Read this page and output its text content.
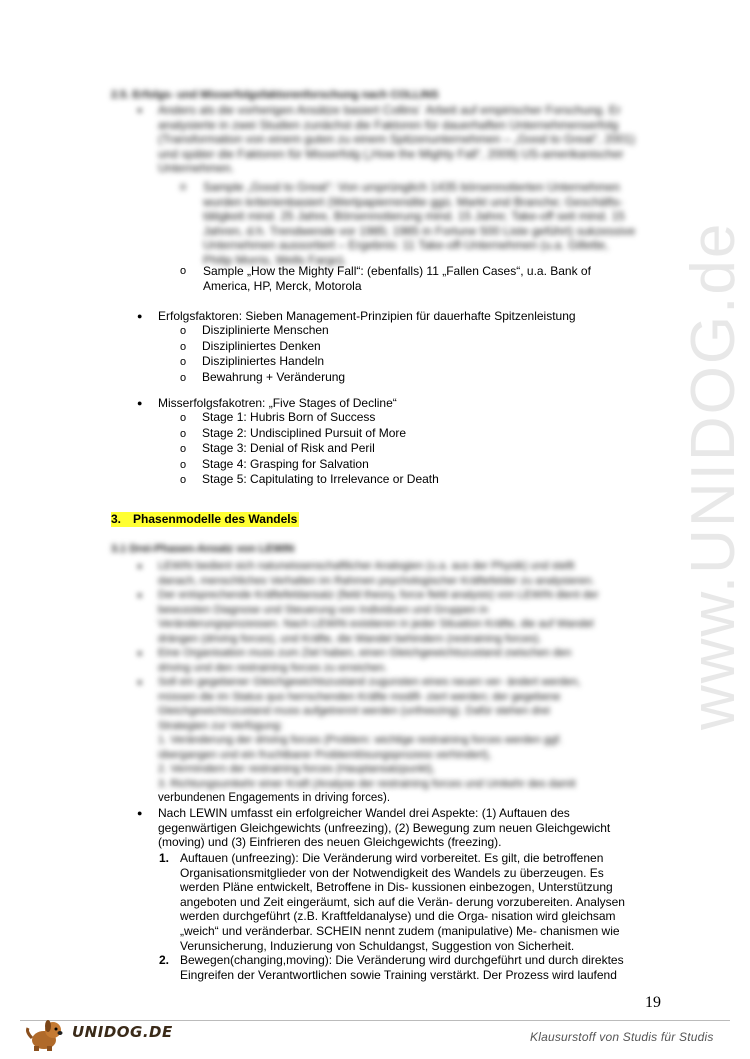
www.UNIDOG.de
2.5. Erfolgs- und Misserfolgsfaktorenforschung nach COLLINS
● Anders als die vorherigen Ansätze basiert Collins´ Arbeit auf empirischer Forschung. Er
analysierte in zwei Studien zunächst die Faktoren für dauerhaften Unternehmenserfolg
(Transformation von einem guten zu einem Spitzenunternehmen – „Good to Great“, 2001)
und später die Faktoren für Misserfolg („How the Mighty Fall“, 2009) US-amerikanischer
Unternehmen.
o Sample „Good to Great“: Von ursprünglich 1435 börsennotierten Unternehmen
wurden kriterienbasiert (Wertpapierrendite ggü. Markt und Branche; Geschäfts-
tätigkeit mind. 25 Jahre, Börsennotierung mind. 15 Jahre; Take-off seit mind. 15
Jahren, d.h. Trendwende vor 1985; 1985 in Fortune 500 Liste geführt) sukzessive
Unternehmen aussortiert – Ergebnis: 11 Take-off-Unternehmen (u.a. Gillette,
Philip Morris, Wells Fargo).
o Sample „How the Mighty Fall“: (ebenfalls) 11 „Fallen Cases“, u.a. Bank of
America, HP, Merck, Motorola
● Erfolgsfaktoren: Sieben Management-Prinzipien für dauerhafte Spitzenleistung
o Disziplinierte Menschen
o Diszipliniertes Denken
o Diszipliniertes Handeln
o Bewahrung + Veränderung
● Misserfolgsfakotren: „Five Stages of Decline“
o Stage 1: Hubris Born of Success
o Stage 2: Undisciplined Pursuit of More
o Stage 3: Denial of Risk and Peril
o Stage 4: Grasping for Salvation
o Stage 5: Capitulating to Irrelevance or Death
3. Phasenmodelle des Wandels
3.1 Drei-Phasen-Ansatz von LEWIN
● LEWIN bedient sich naturwissenschaftlicher Analogien (u.a. aus der Physik) und stellt
danach, menschliches Verhalten im Rahmen psychologischer Kräftefelder zu analysieren.
● Der entsprechende Kräftefeldansatz (field theory, force field analysis) von LEWIN dient der
bewussten Diagnose und Steuerung von Individuen und Gruppen in
Veränderungsprozessen. Nach LEWIN existieren in jeder Situation Kräfte, die auf Wandel
drängen (driving forces), und Kräfte, die Wandel behindern (restraining forces).
● Eine Organisation muss zum Ziel haben, einen Gleichgewichtszustand zwischen den
driving und den restraining forces zu erreichen.
● Soll ein gegebener Gleichgewichtszustand zugunsten eines neuen ver- ändert werden,
müssen die im Status quo herrschenden Kräfte modifi- ziert werden; der gegebene
Gleichgewichtszustand muss aufgetrennt werden (unfreezing). Dafür stehen drei
Strategien zur Verfügung:
1. Veränderung der driving forces (Problem: wichtige restraining forces werden ggf.
übergangen und ein fruchtbarer Problemlösungsprozess verhindert),
2. Vermindern der restraining forces (Hauptansatzpunkt),
3. Richtungsumkehr einer Kraft (Analyse der restraining forces und Umkehr des damit
verbundenen Engagements in driving forces).
● Nach LEWIN umfasst ein erfolgreicher Wandel drei Aspekte: (1) Auftauen des
gegenwärtigen Gleichgewichts (unfreezing), (2) Bewegung zum neuen Gleichgewicht
(moving) und (3) Einfrieren des neuen Gleichgewichts (freezing).
1. Auftauen (unfreezing): Die Veränderung wird vorbereitet. Es gilt, die betroffenen
Organisationsmitglieder von der Notwendigkeit des Wandels zu überzeugen. Es
werden Pläne entwickelt, Betroffene in Dis- kussionen einbezogen, Unterstützung
angeboten und Zeit eingeräumt, sich auf die Verän- derung vorzubereiten. Analysen
werden durchgeführt (z.B. Kraftfeldanalyse) und die Orga- nisation wird gleichsam
„weich“ und veränderbar. SCHEIN nennt zudem (manipulative) Me- chanismen wie
Verunsicherung, Induzierung von Schuldangst, Suggestion von Sicherheit.
2. Bewegen(changing,moving): Die Veränderung wird durchgeführt und durch direktes
Eingreifen der Verantwortlichen sowie Training verstärkt. Der Prozess wird laufend
19
UNIDOG.DE	Klausurstoff von Studis für Studis
